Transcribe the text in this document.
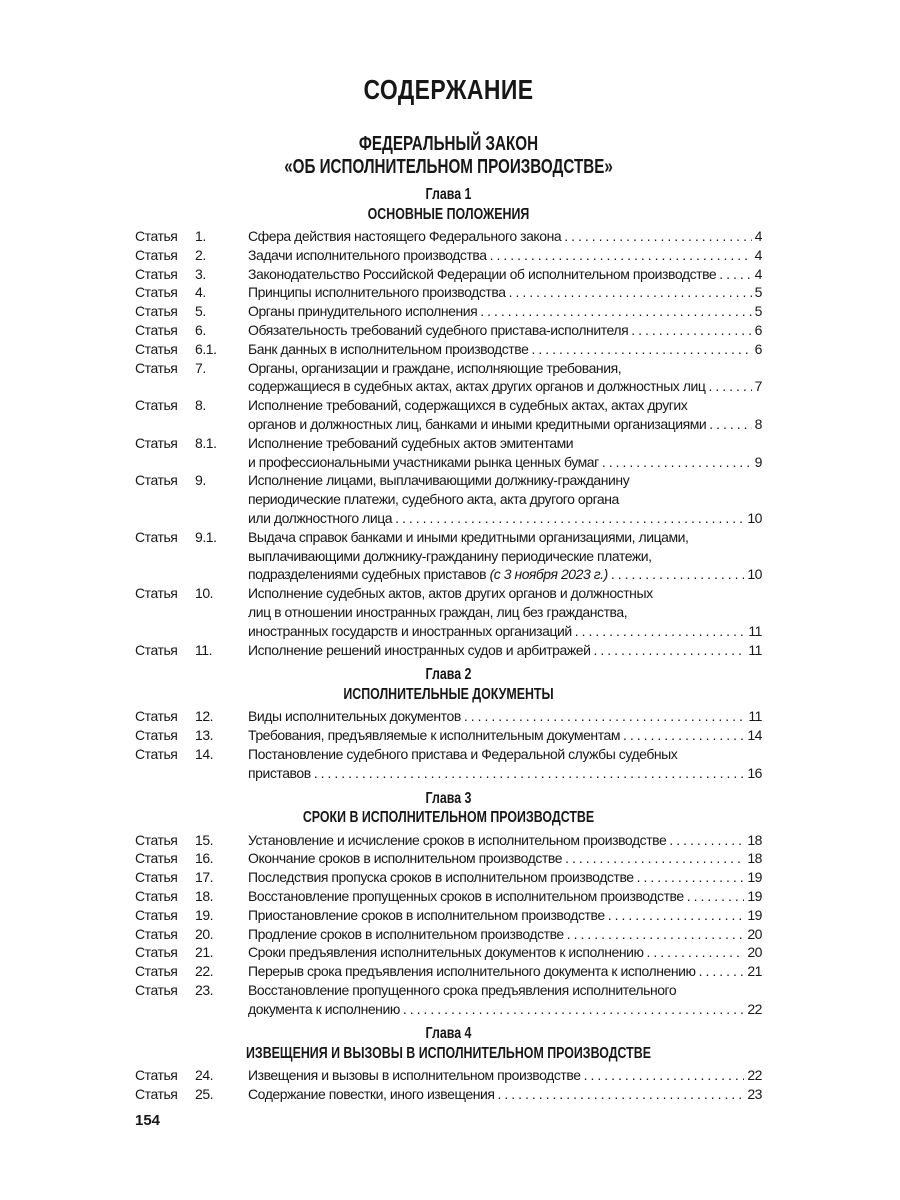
СОДЕРЖАНИЕ
ФЕДЕРАЛЬНЫЙ ЗАКОН
«ОБ ИСПОЛНИТЕЛЬНОМ ПРОИЗВОДСТВЕ»
Глава 1
ОСНОВНЫЕ ПОЛОЖЕНИЯ
Статья	1.	Сфера действия настоящего Федерального закона . . .	4
Статья	2.	Задачи исполнительного производства . . .	4
Статья	3.	Законодательство Российской Федерации об исполнительном производстве . . .	4
Статья	4.	Принципы исполнительного производства . . .	5
Статья	5.	Органы принудительного исполнения . . .	5
Статья	6.	Обязательность требований судебного пристава-исполнителя . . .	6
Статья	6.1.	Банк данных в исполнительном производстве . . .	6
Статья	7.	Органы, организации и граждане, исполняющие требования,
содержащиеся в судебных актах, актах других органов и должностных лиц . . .	7
Статья	8.	Исполнение требований, содержащихся в судебных актах, актах других
органов и должностных лиц, банками и иными кредитными организациями . . .	8
Статья	8.1.	Исполнение требований судебных актов эмитентами
и профессиональными участниками рынка ценных бумаг . . .	9
Статья	9.	Исполнение лицами, выплачивающими должнику-гражданину
периодические платежи, судебного акта, акта другого органа
или должностного лица . . .	10
Статья	9.1.	Выдача справок банками и иными кредитными организациями, лицами,
выплачивающими должнику-гражданину периодические платежи,
подразделениями судебных приставов (с 3 ноября 2023 г.) . . .	10
Статья	10.	Исполнение судебных актов, актов других органов и должностных
лиц в отношении иностранных граждан, лиц без гражданства,
иностранных государств и иностранных организаций . . .	11
Статья	11.	Исполнение решений иностранных судов и арбитражей . . .	11
Глава 2
ИСПОЛНИТЕЛЬНЫЕ ДОКУМЕНТЫ
Статья	12.	Виды исполнительных документов . . .	11
Статья	13.	Требования, предъявляемые к исполнительным документам . . .	14
Статья	14.	Постановление судебного пристава и Федеральной службы судебных
приставов . . .	16
Глава 3
СРОКИ В ИСПОЛНИТЕЛЬНОМ ПРОИЗВОДСТВЕ
Статья	15.	Установление и исчисление сроков в исполнительном производстве . . .	18
Статья	16.	Окончание сроков в исполнительном производстве . . .	18
Статья	17.	Последствия пропуска сроков в исполнительном производстве . . .	19
Статья	18.	Восстановление пропущенных сроков в исполнительном производстве . . .	19
Статья	19.	Приостановление сроков в исполнительном производстве . . .	19
Статья	20.	Продление сроков в исполнительном производстве . . .	20
Статья	21.	Сроки предъявления исполнительных документов к исполнению . . .	20
Статья	22.	Перерыв срока предъявления исполнительного документа к исполнению . . .	21
Статья	23.	Восстановление пропущенного срока предъявления исполнительного
документа к исполнению . . .	22
Глава 4
ИЗВЕЩЕНИЯ И ВЫЗОВЫ В ИСПОЛНИТЕЛЬНОМ ПРОИЗВОДСТВЕ
Статья	24.	Извещения и вызовы в исполнительном производстве . . .	22
Статья	25.	Содержание повестки, иного извещения . . .	23
154
